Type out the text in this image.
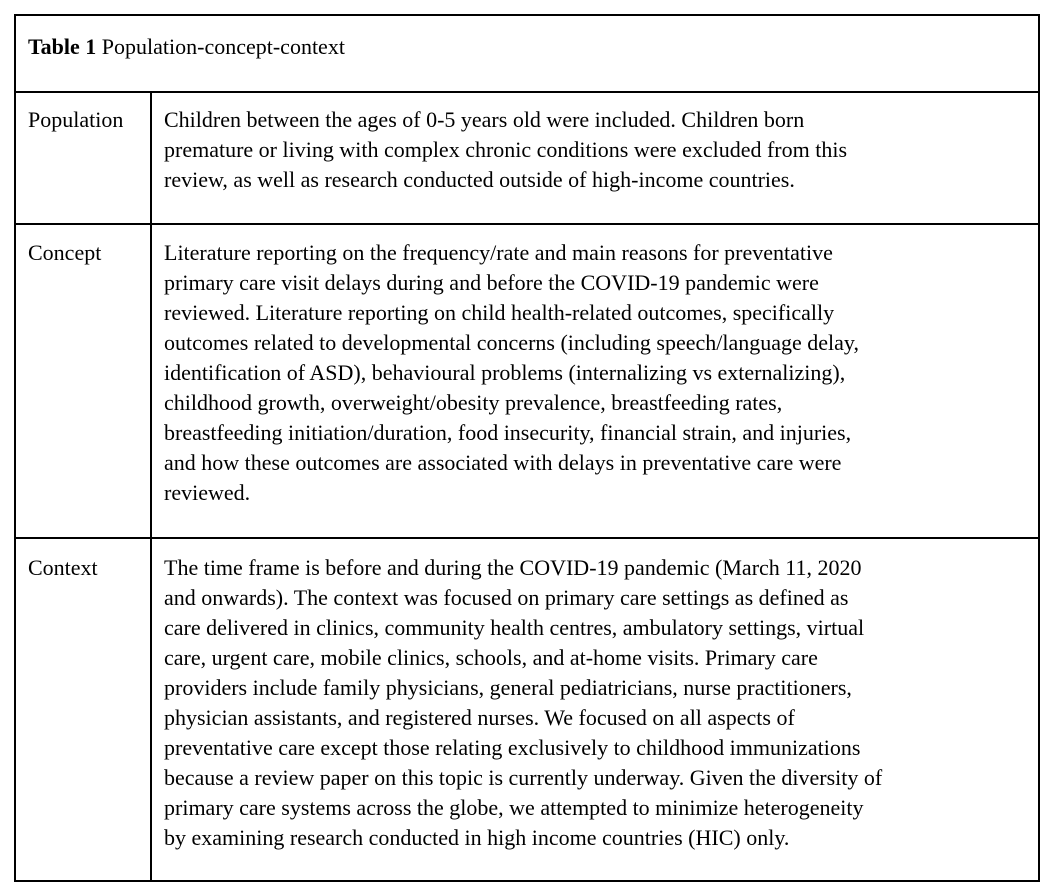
Table 1 Population-concept-context
Population Children between the ages of 0-5 years old were included. Children born
premature or living with complex chronic conditions were excluded from this
review, as well as research conducted outside of high-income countries.
Concept	Literature reporting on the frequency/rate and main reasons for preventative
primary care visit delays during and before the COVID-19 pandemic were
reviewed. Literature reporting on child health-related outcomes, specifically
outcomes related to developmental concerns (including speech/language delay,
identification of ASD), behavioural problems (internalizing vs externalizing),
childhood growth, overweight/obesity prevalence, breastfeeding rates,
breastfeeding initiation/duration, food insecurity, financial strain, and injuries,
and how these outcomes are associated with delays in preventative care were
reviewed.
Context	The time frame is before and during the COVID-19 pandemic (March 11, 2020
and onwards). The context was focused on primary care settings as defined as
care delivered in clinics, community health centres, ambulatory settings, virtual
care, urgent care, mobile clinics, schools, and at-home visits. Primary care
providers include family physicians, general pediatricians, nurse practitioners,
physician assistants, and registered nurses. We focused on all aspects of
preventative care except those relating exclusively to childhood immunizations
because a review paper on this topic is currently underway. Given the diversity of
primary care systems across the globe, we attempted to minimize heterogeneity
by examining research conducted in high income countries (HIC) only.
